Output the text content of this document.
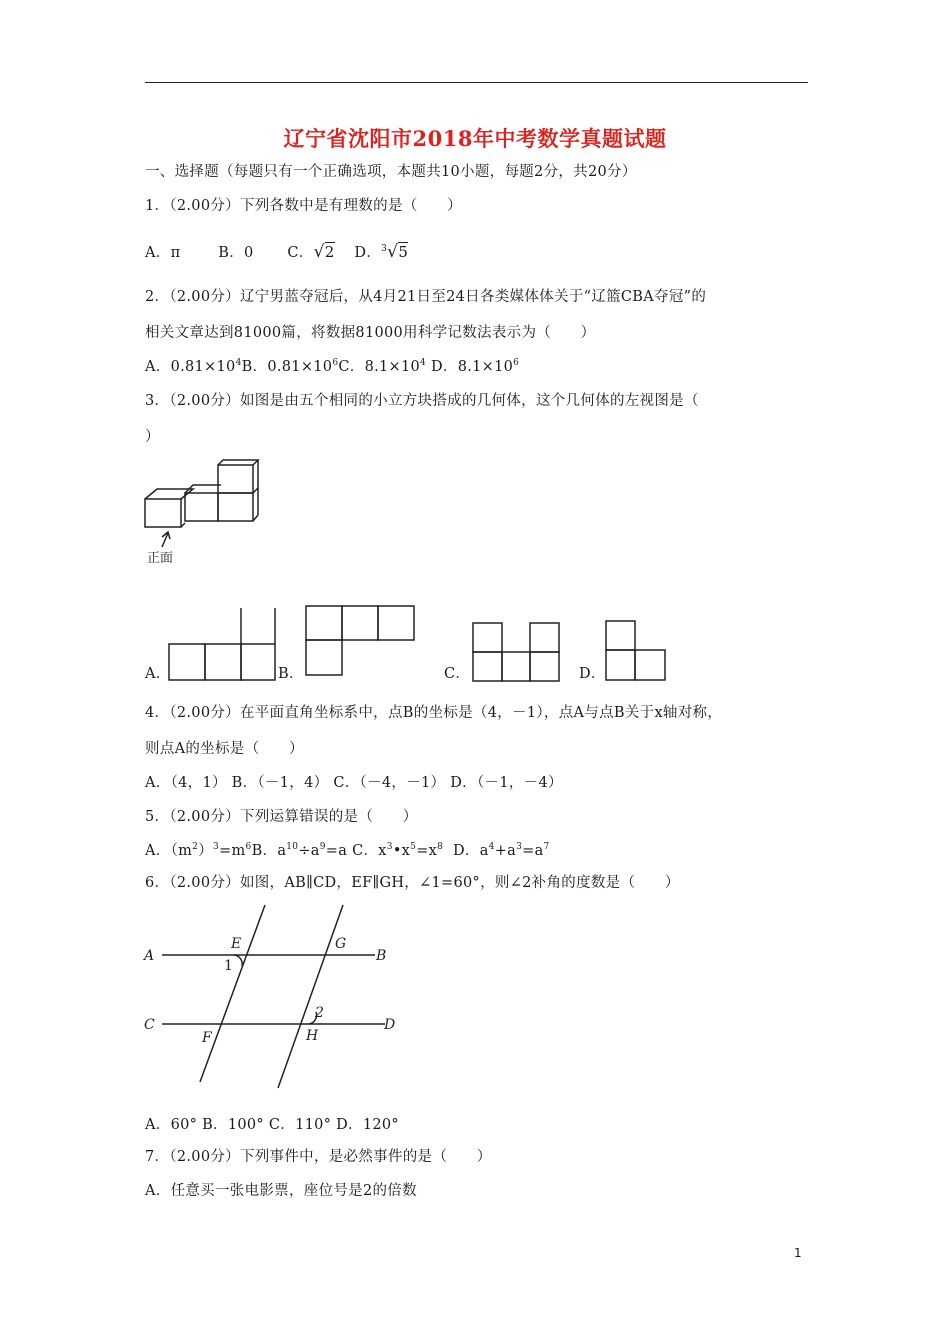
辽宁省沈阳市2018年中考数学真题试题
一、选择题（每题只有一个正确选项，本题共10小题，每题2分，共20分）
1．（2.00分）下列各数中是有理数的是（　　）
A．π	B．0 C．√2 D．$^3$√5
2．（2.00分）辽宁男蓝夺冠后，从4月21日至24日各类媒体体关于“辽篮CBA夺冠”的
相关文章达到81000篇，将数据81000用科学记数法表示为（　　）
A．$0.81\times 10^4B$．$0.81\times 10^6C$．$8.1\times 10^4$ D．$8.1\times 10^6$
3．（2.00分）如图是由五个相同的小立方块搭成的几何体，这个几何体的左视图是（
）
正面
A．	B．	C．	D．
4．（2.00分）在平面直角坐标系中，点B的坐标是（4，－1），点A与点B关于x轴对称，
则点A的坐标是（　　）
A．（4，1） B．（－1，4） C．（－4，－1） D．（－1，－4）
5．（2.00分）下列运算错误的是（　　）
A．$(m^2)^3=m^6B$．$a^{10}\div a^9=a$ C．$x^3•x^5=x^8$ D．$a^4+a^3=a^7$
6．（2.00分）如图，AB∥CD，EF∥GH，∠1=60°，则∠2补角的度数是（　　）
A	B
C	D
E
F
G
H
1
2
A．60° B．100° C．110° D．120°
7．（2.00分）下列事件中，是必然事件的是（　　）
A．任意买一张电影票，座位号是2的倍数
1
